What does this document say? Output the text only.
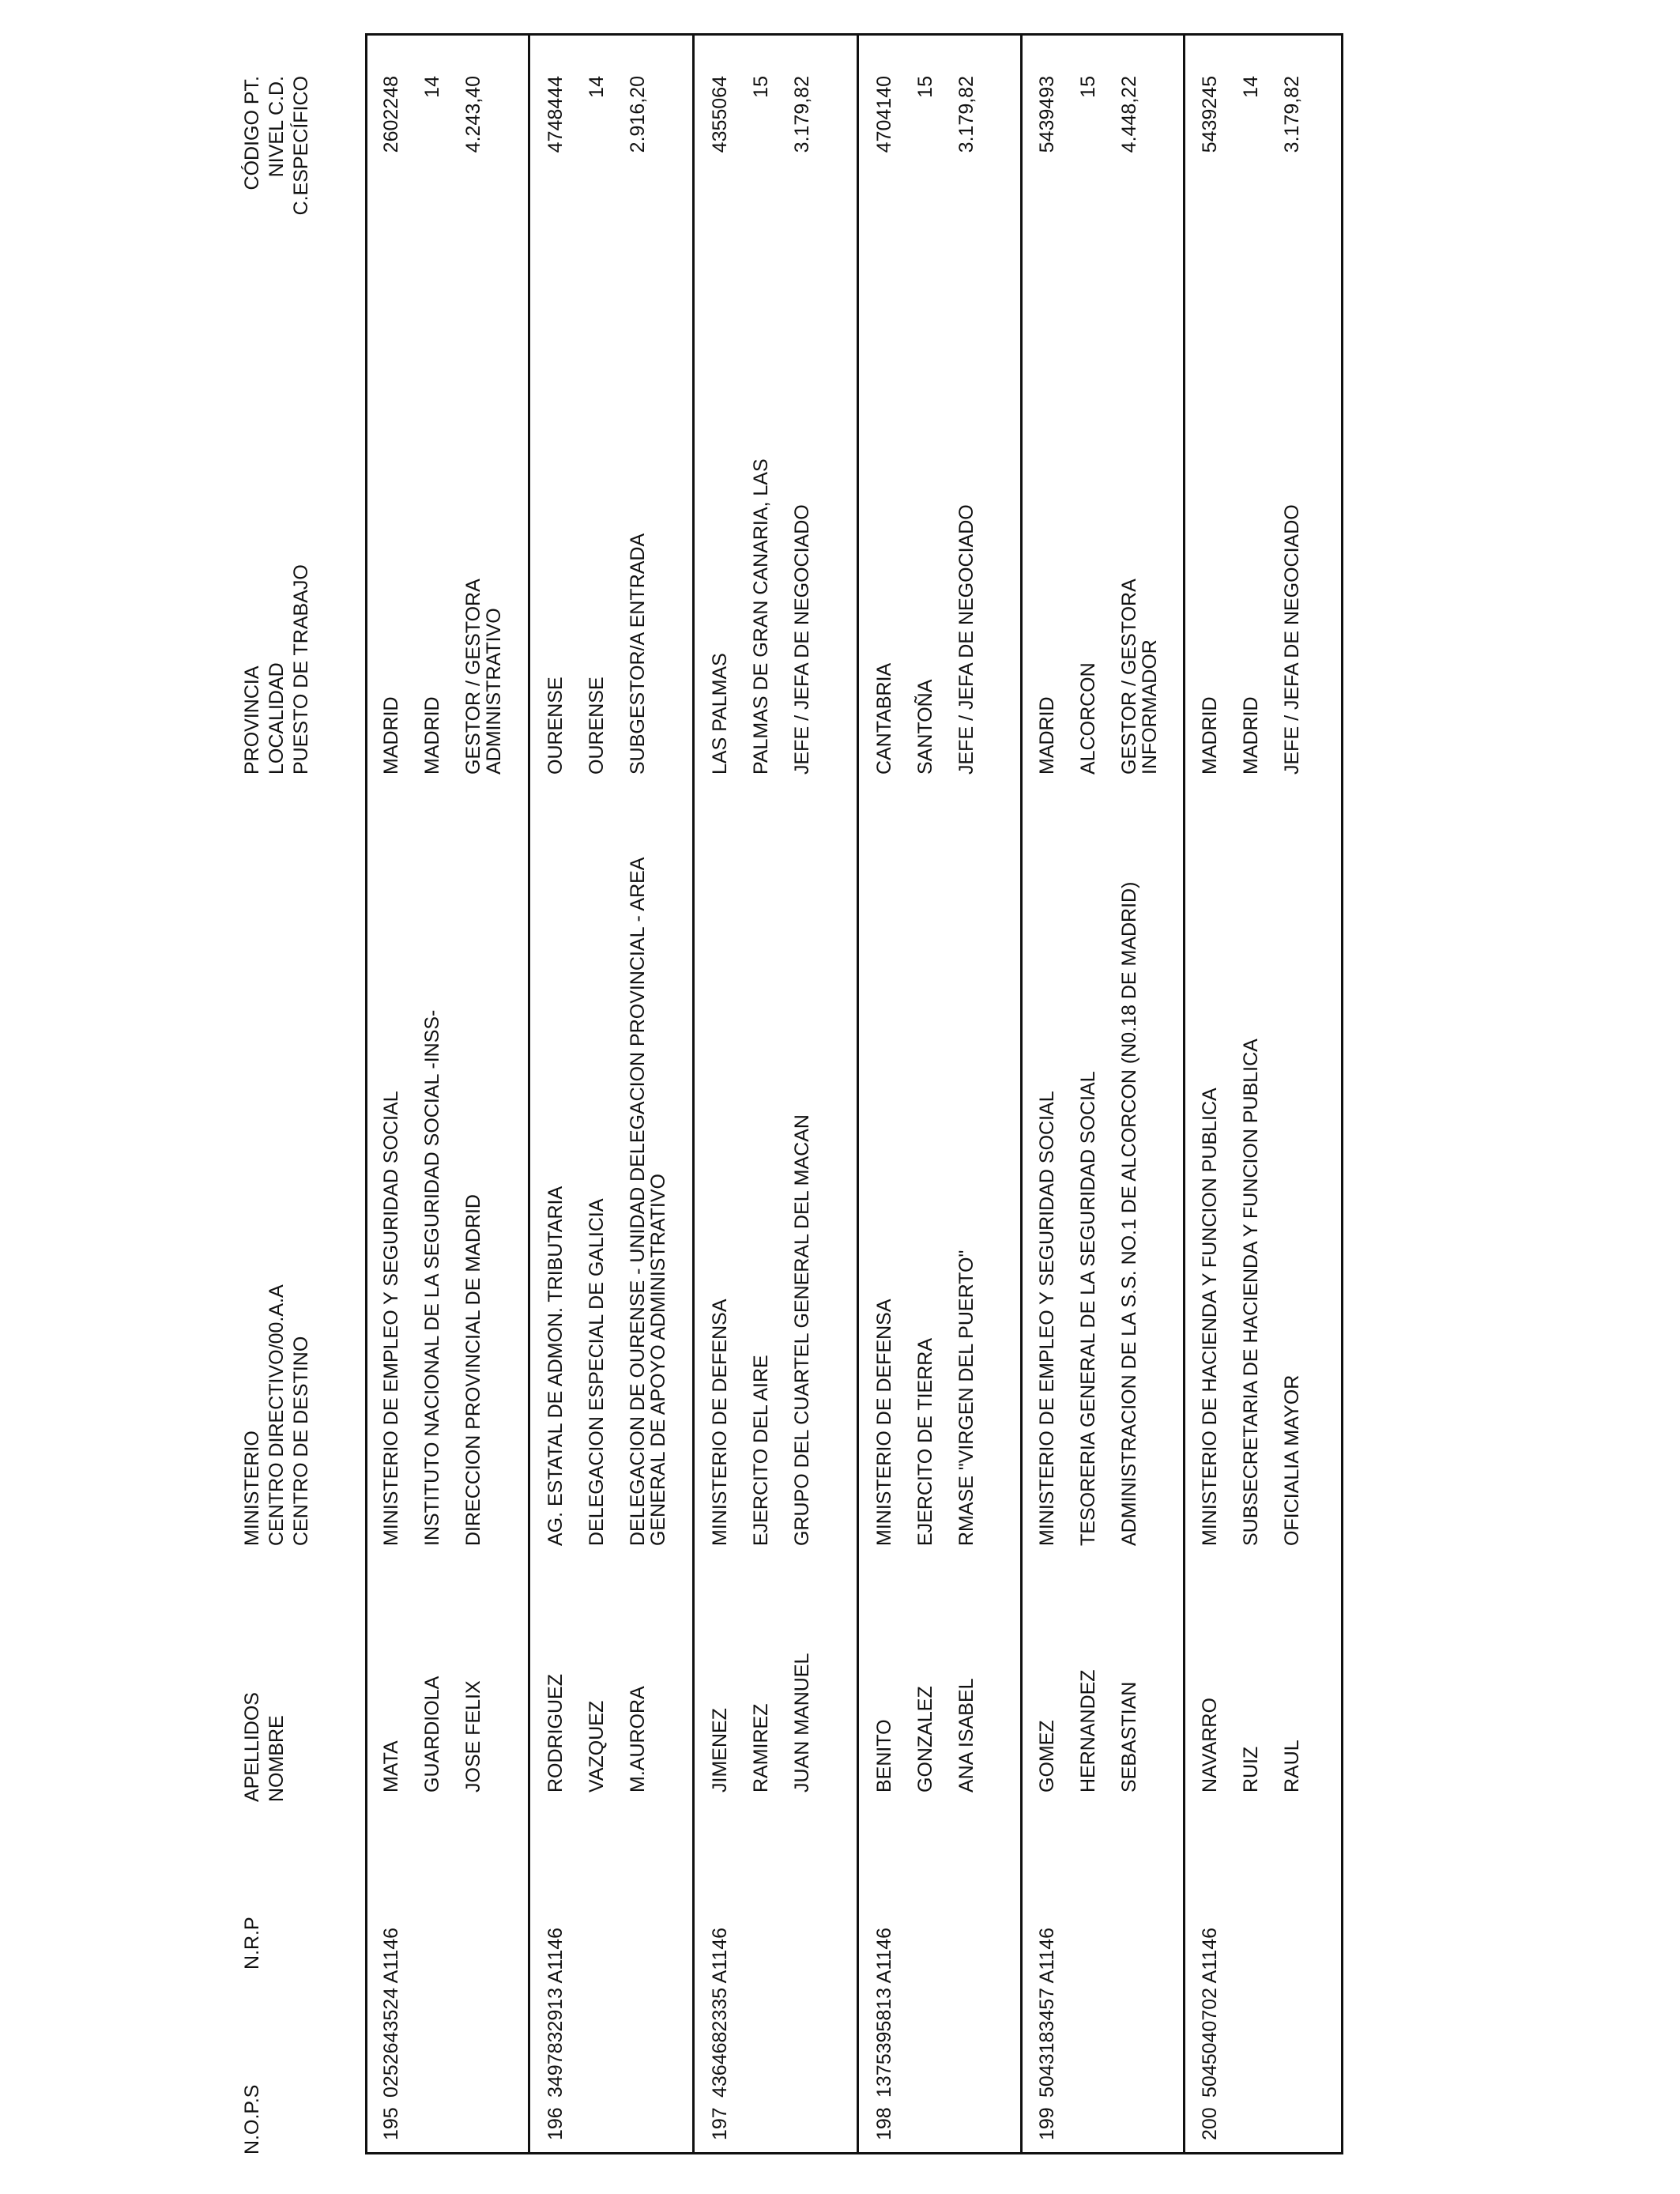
N.O.P.S
N.R.P
APELLIDOS NOMBRE
MINISTERIO CENTRO DIRECTIVO/00.A.A CENTRO DE DESTINO
PROVINCIA LOCALIDAD PUESTO DE TRABAJO
CÓDIGO PT. NIVEL C.D. C.ESPECÍFICO
195
0252643524 A1146
MATA GUARDIOLA JOSE FELIX
MINISTERIO DE EMPLEO Y SEGURIDAD SOCIAL INSTITUTO NACIONAL DE LA SEGURIDAD SOCIAL -INSS- DIRECCION PROVINCIAL DE MADRID
MADRID MADRID GESTOR / GESTORA
ADMINISTRATIVO
2602248 14 4.243,40
196
3497832913 A1146
RODRIGUEZ VAZQUEZ M.AURORA
AG. ESTATAL DE ADMON. TRIBUTARIA DELEGACION ESPECIAL DE GALICIA DELEGACION DE OURENSE - UNIDAD DELEGACION PROVINCIAL - AREA
GENERAL DE APOYO ADMINISTRATIVO
OURENSE OURENSE SUBGESTOR/A ENTRADA
4748444 14 2.916,20
197
4364682335 A1146
JIMENEZ RAMIREZ JUAN MANUEL
MINISTERIO DE DEFENSA EJERCITO DEL AIRE GRUPO DEL CUARTEL GENERAL DEL MACAN
LAS PALMAS PALMAS DE GRAN CANARIA, LAS JEFE / JEFA DE NEGOCIADO
4355064 15 3.179,82
198
1375395813 A1146
BENITO GONZALEZ ANA ISABEL
MINISTERIO DE DEFENSA EJERCITO DE TIERRA RMASE "VIRGEN DEL PUERTO"
CANTABRIA SANTOÑA JEFE / JEFA DE NEGOCIADO
4704140 15 3.179,82
199
5043183457 A1146
GOMEZ HERNANDEZ SEBASTIAN
MINISTERIO DE EMPLEO Y SEGURIDAD SOCIAL TESORERIA GENERAL DE LA SEGURIDAD SOCIAL ADMINISTRACION DE LA S.S. NO.1 DE ALCORCON (N0.18 DE MADRID)
MADRID ALCORCON GESTOR / GESTORA
INFORMADOR
5439493 15 4.448,22
200
5045040702 A1146
NAVARRO RUIZ RAUL
MINISTERIO DE HACIENDA Y FUNCION PUBLICA SUBSECRETARIA DE HACIENDA Y FUNCION PUBLICA OFICIALIA MAYOR
MADRID MADRID JEFE / JEFA DE NEGOCIADO
5439245 14 3.179,82
